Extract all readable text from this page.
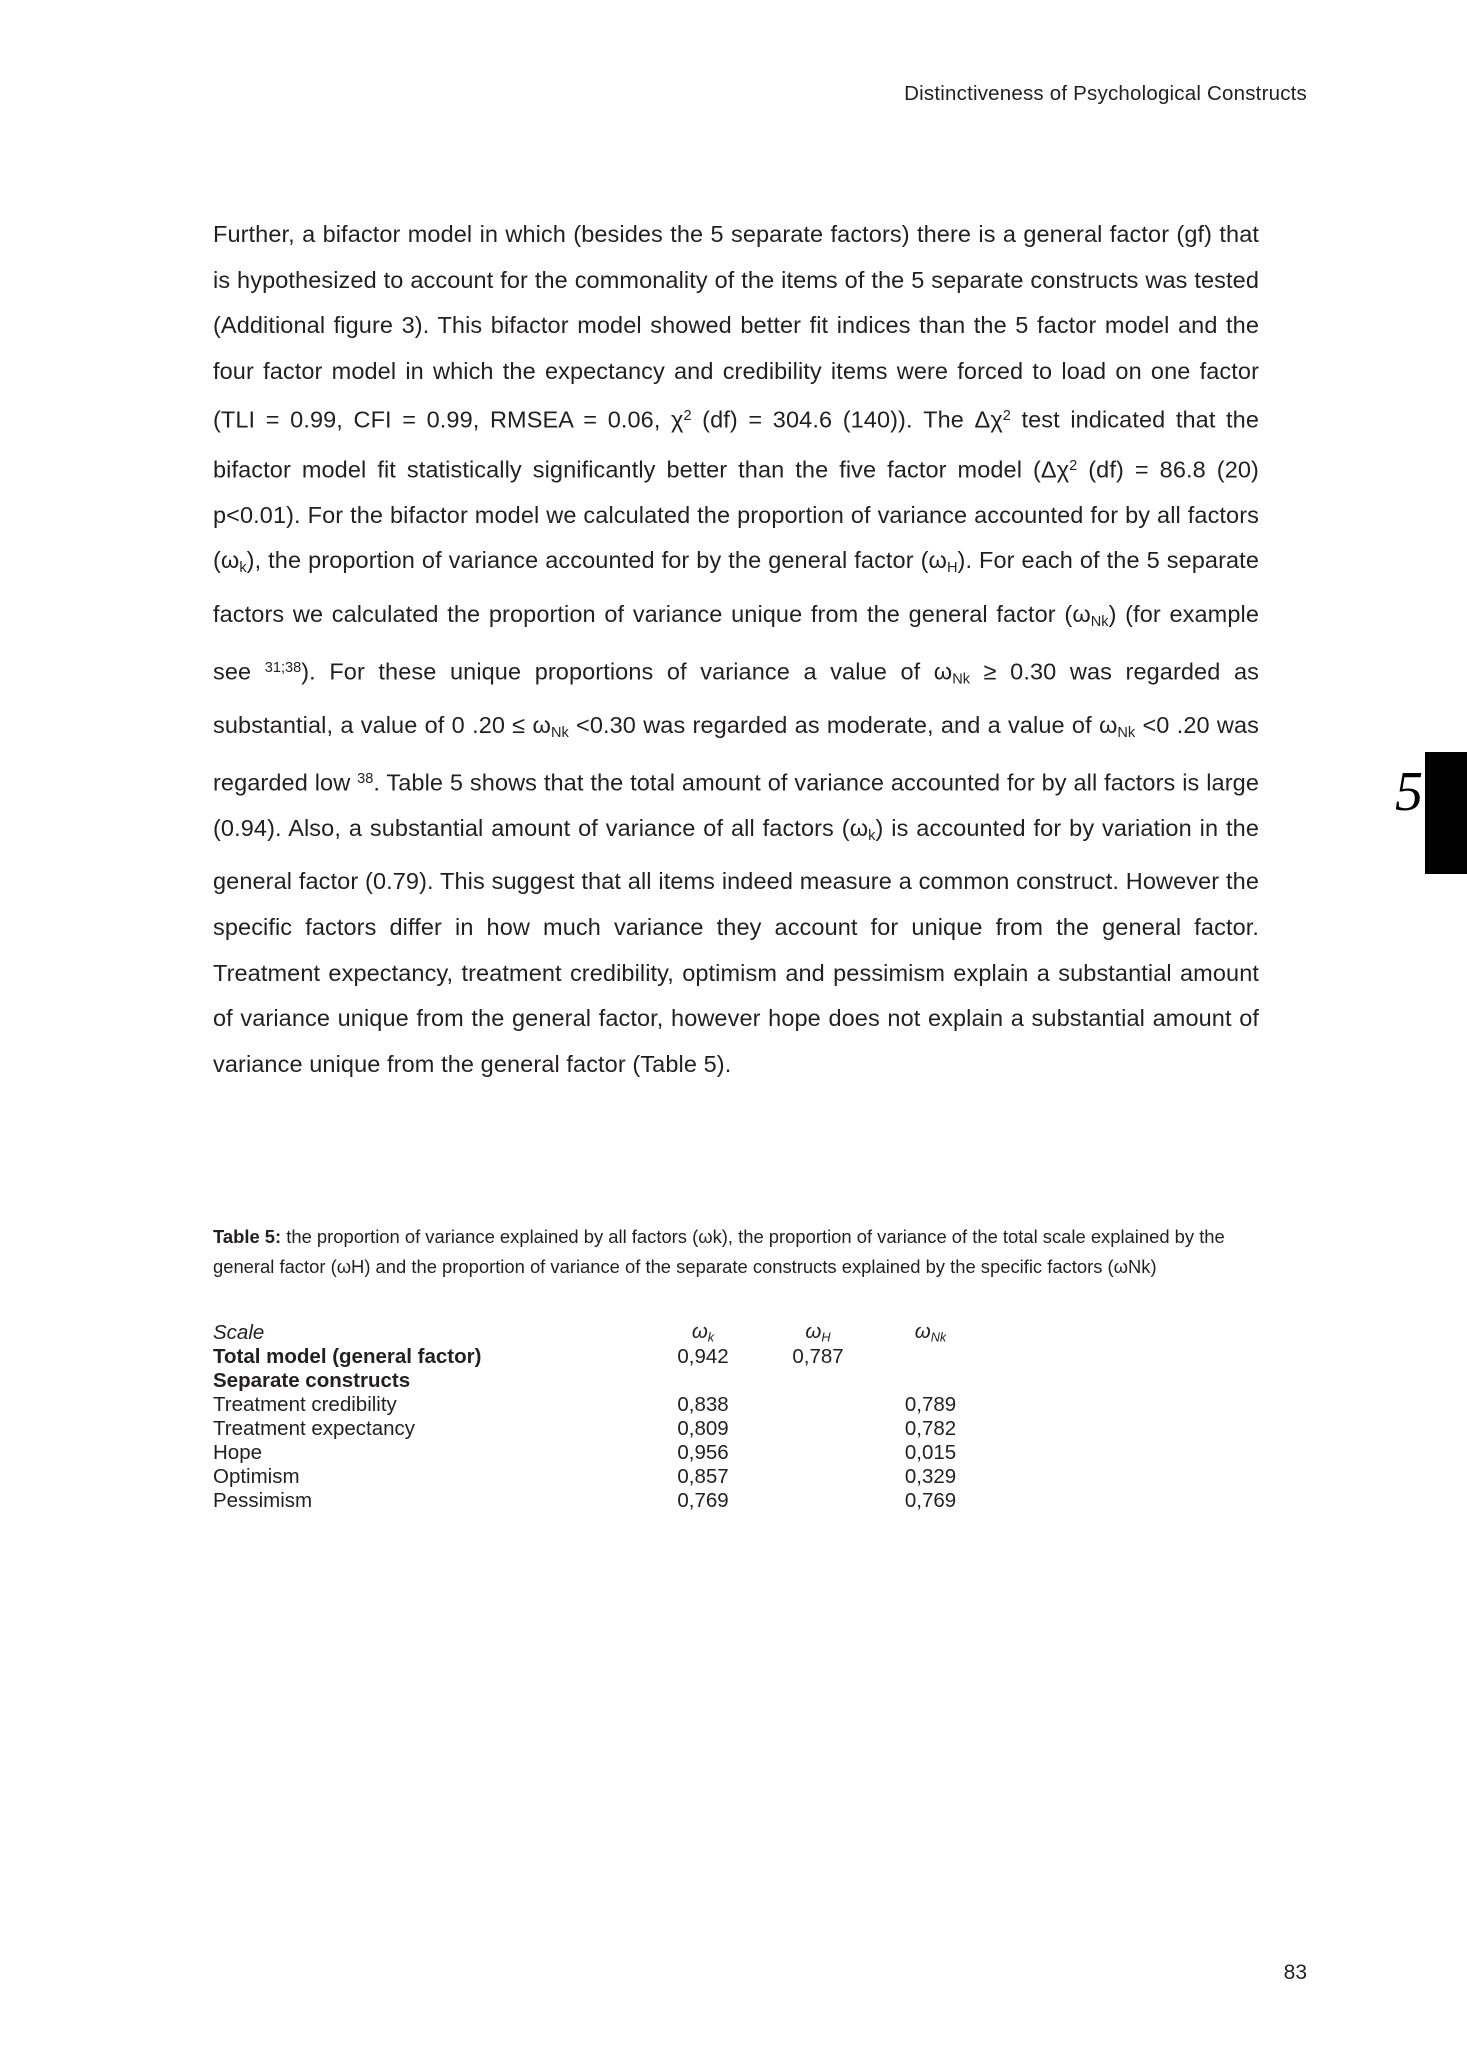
Distinctiveness of Psychological Constructs

Further, a bifactor model in which (besides the 5 separate factors) there is a general factor (gf) that is hypothesized to account for the commonality of the items of the 5 separate constructs was tested (Additional figure 3). This bifactor model showed better fit indices than the 5 factor model and the four factor model in which the expectancy and credibility items were forced to load on one factor (TLI = 0.99, CFI = 0.99, RMSEA = 0.06, $\chi^2$ (df) = 304.6 (140)). The $\Delta\chi^2$ test indicated that the bifactor model fit statistically significantly better than the five factor model ($\Delta\chi^2$ (df) = 86.8 (20) p<0.01). For the bifactor model we calculated the proportion of variance accounted for by all factors $(\omega_k)$, the proportion of variance accounted for by the general factor $(\omega_H)$. For each of the 5 separate factors we calculated the proportion of variance unique from the general factor $(\omega_{Nk})$ (for example see $^{31;38}$). For these unique proportions of variance a value of $\omega_{Nk} \ge 0.30$ was regarded as substantial, a value of 0 $.20 \le \omega_{Nk} <0.30$ was regarded as moderate, and a value of $\omega_{Nk} <0$ .20 was regarded low $^{38}$. Table 5 shows that the total amount of variance accounted for by all factors is large (0.94). Also, a substantial amount of variance of all factors $(\omega_k)$ is accounted for by variation in the general factor (0.79). This suggest that all items indeed measure a common construct. However the specific factors differ in how much variance they account for unique from the general factor. Treatment expectancy, treatment credibility, optimism and pessimism explain a substantial amount of variance unique from the general factor, however hope does not explain a substantial amount of variance unique from the general factor (Table 5).

5
Table 5: the proportion of variance explained by all factors (ωk), the proportion of variance of the total scale explained by the general factor (ωH) and the proportion of variance of the separate constructs explained by the specific factors (ωNk)
Scale	$\omega_k$	$\omega_H$	$\omega_{Nk}$
Total model (general factor)	0,942	0,787	
Separate constructs			
Treatment credibility	0,838		0,789
Treatment expectancy	0,809		0,782
Hope	0,956		0,015
Optimism	0,857		0,329
Pessimism	0,769		0,769
83
